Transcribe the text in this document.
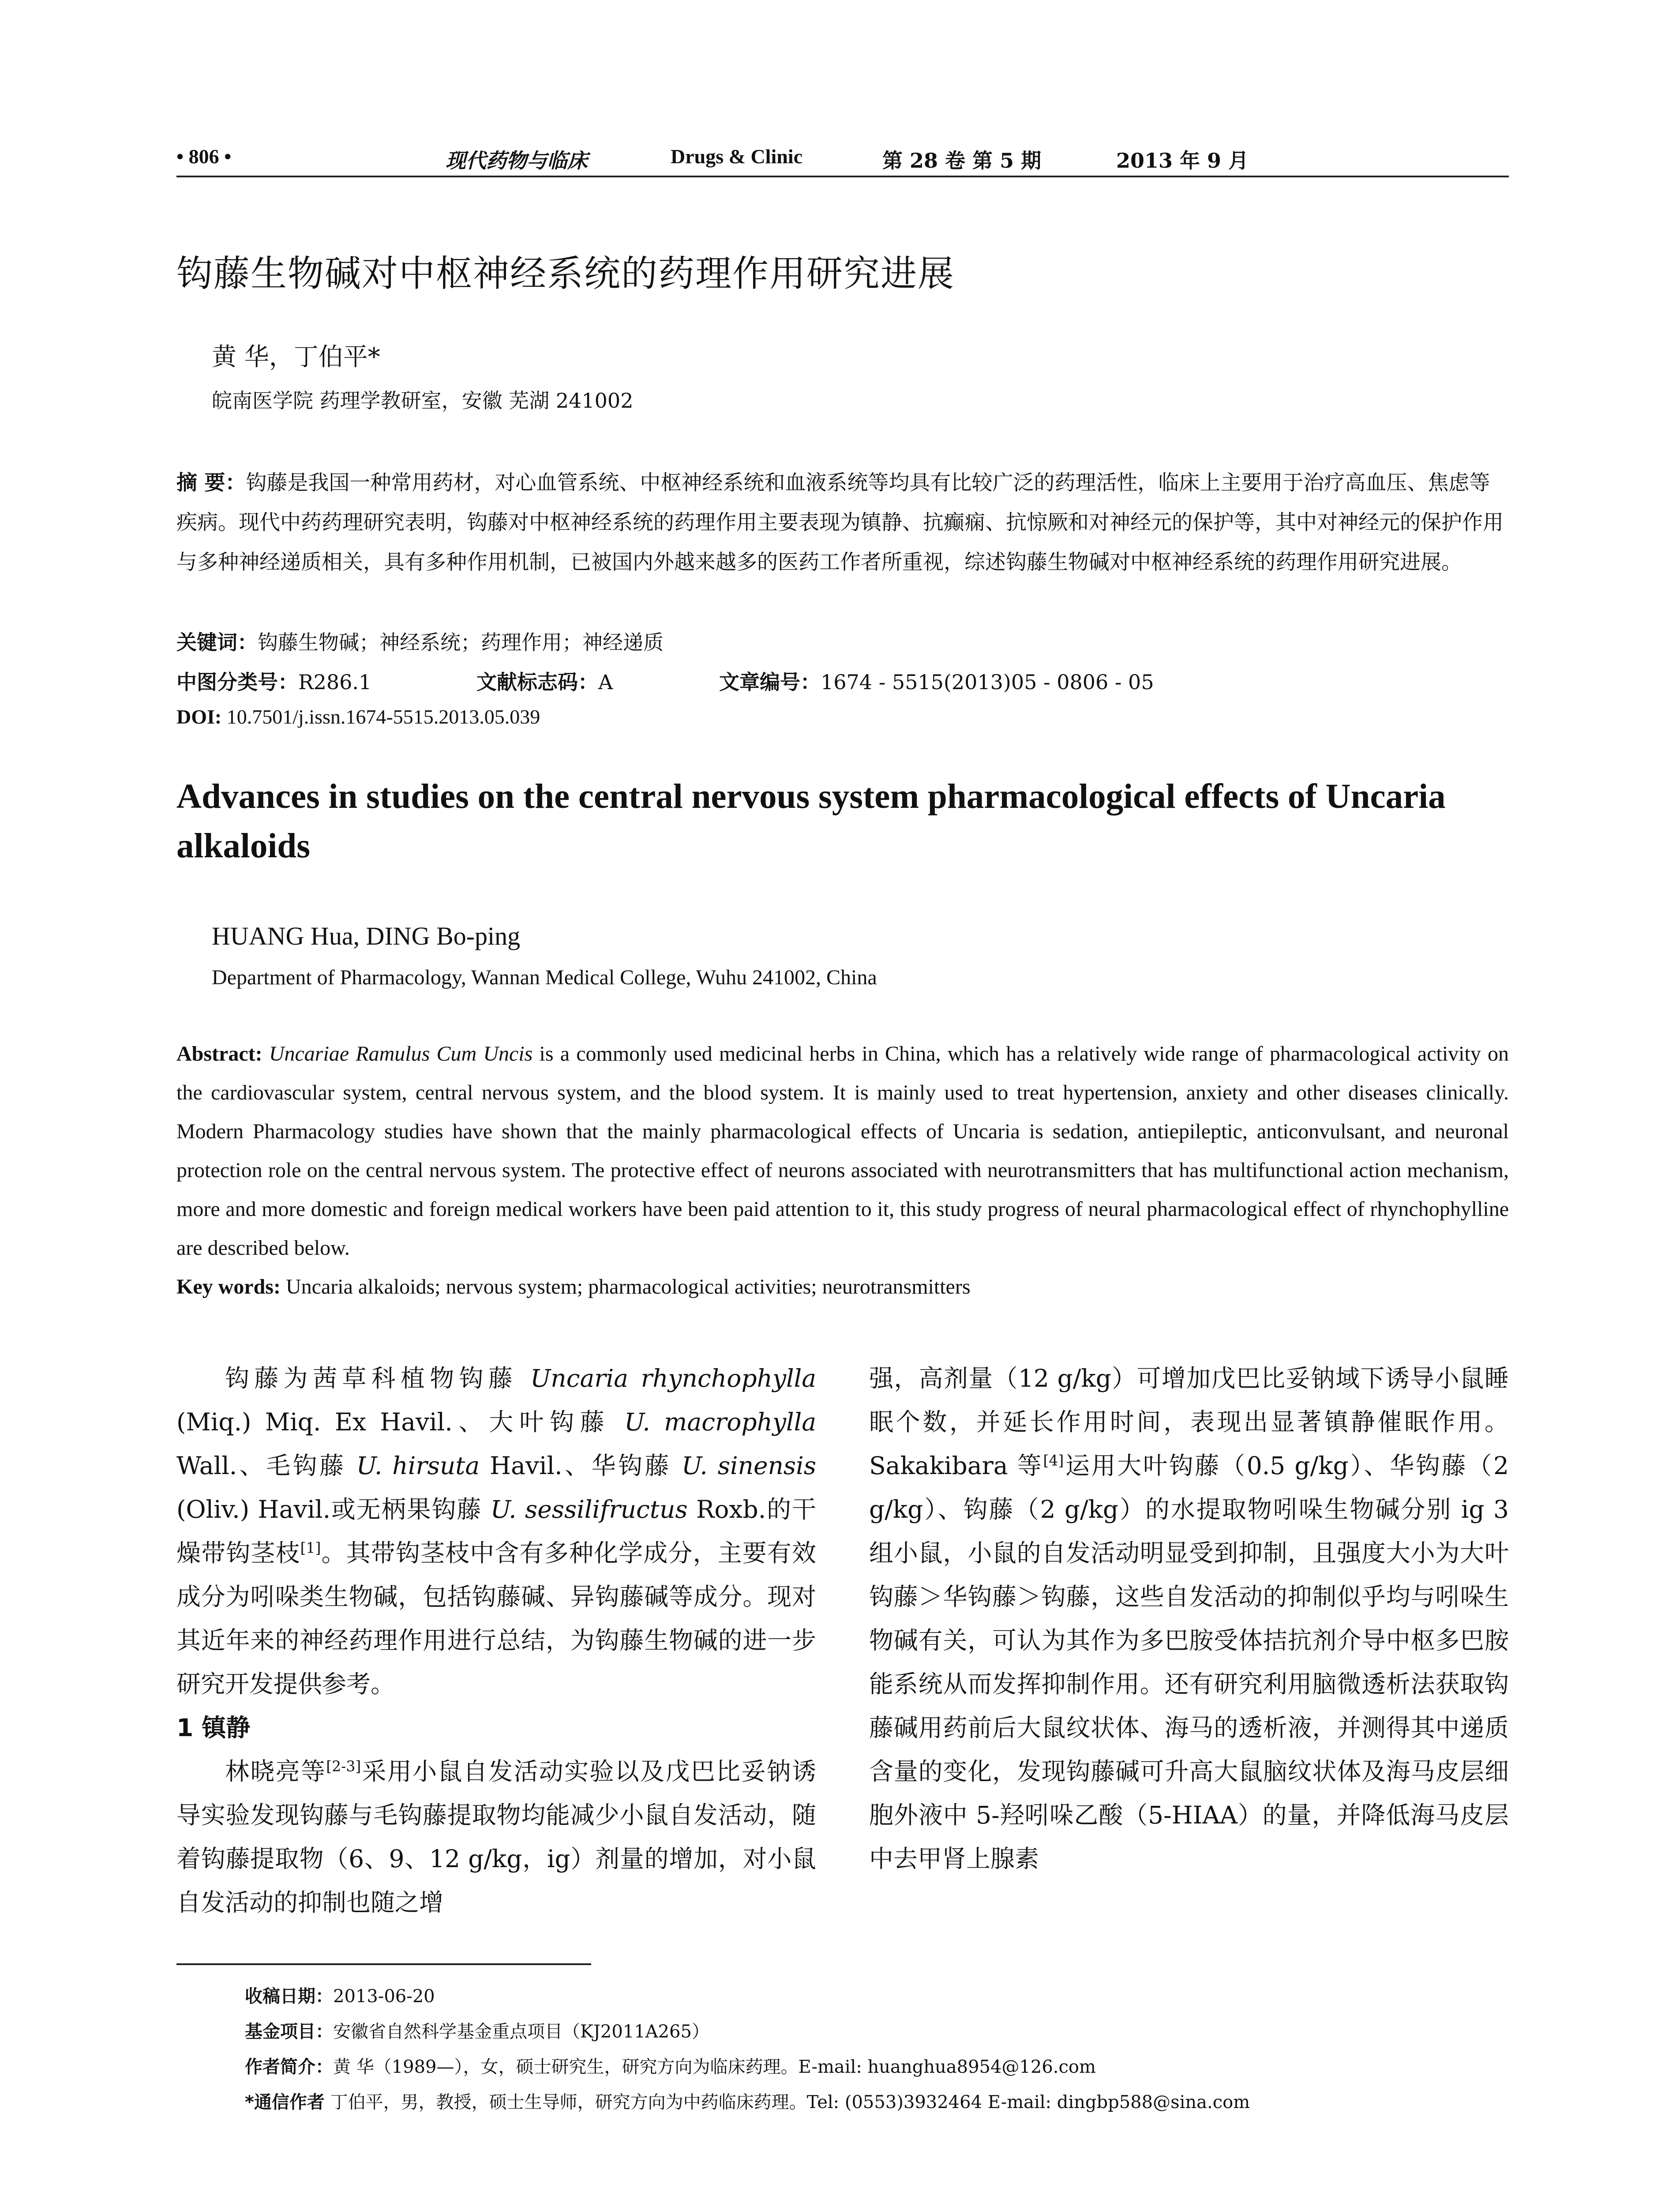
• 806 •	现代药物与临床	Drugs & Clinic	第 28 卷 第 5 期	2013 年 9 月
钩藤生物碱对中枢神经系统的药理作用研究进展
黄 华，丁伯平*
皖南医学院 药理学教研室，安徽 芜湖 241002
摘 要：钩藤是我国一种常用药材，对心血管系统、中枢神经系统和血液系统等均具有比较广泛的药理活性，临床上主要用于治疗高血压、焦虑等疾病。现代中药药理研究表明，钩藤对中枢神经系统的药理作用主要表现为镇静、抗癫痫、抗惊厥和对神经元的保护等，其中对神经元的保护作用与多种神经递质相关，具有多种作用机制，已被国内外越来越多的医药工作者所重视，综述钩藤生物碱对中枢神经系统的药理作用研究进展。
关键词：钩藤生物碱；神经系统；药理作用；神经递质
中图分类号：R286.1	文献标志码：A	文章编号：1674 - 5515(2013)05 - 0806 - 05
DOI: 10.7501/j.issn.1674-5515.2013.05.039
Advances in studies on the central nervous system pharmacological effects of Uncaria alkaloids
HUANG Hua, DING Bo-ping
Department of Pharmacology, Wannan Medical College, Wuhu 241002, China
Abstract: Uncariae Ramulus Cum Uncis is a commonly used medicinal herbs in China, which has a relatively wide range of pharmacological activity on the cardiovascular system, central nervous system, and the blood system. It is mainly used to treat hypertension, anxiety and other diseases clinically. Modern Pharmacology studies have shown that the mainly pharmacological effects of Uncaria is sedation, antiepileptic, anticonvulsant, and neuronal protection role on the central nervous system. The protective effect of neurons associated with neurotransmitters that has multifunctional action mechanism, more and more domestic and foreign medical workers have been paid attention to it, this study progress of neural pharmacological effect of rhynchophylline are described below.
Key words: Uncaria alkaloids; nervous system; pharmacological activities; neurotransmitters

钩藤为茜草科植物钩藤 Uncaria rhynchophylla (Miq.) Miq. Ex Havil.、大叶钩藤 U. macrophylla Wall.、毛钩藤 U. hirsuta Havil.、华钩藤 U. sinensis (Oliv.) Havil.或无柄果钩藤 U. sessilifructus Roxb.的干燥带钩茎枝[1]。其带钩茎枝中含有多种化学成分，主要有效成分为吲哚类生物碱，包括钩藤碱、异钩藤碱等成分。现对其近年来的神经药理作用进行总结，为钩藤生物碱的进一步研究开发提供参考。

1 镇静

林晓亮等[2-3]采用小鼠自发活动实验以及戊巴比妥钠诱导实验发现钩藤与毛钩藤提取物均能减少小鼠自发活动，随着钩藤提取物（6、9、12 g/kg，ig）剂量的增加，对小鼠自发活动的抑制也随之增

强，高剂量（12 g/kg）可增加戊巴比妥钠域下诱导小鼠睡眠个数，并延长作用时间，表现出显著镇静催眠作用。Sakakibara 等[4]运用大叶钩藤（0.5 g/kg）、华钩藤（2 g/kg）、钩藤（2 g/kg）的水提取物吲哚生物碱分别 ig 3 组小鼠，小鼠的自发活动明显受到抑制，且强度大小为大叶钩藤＞华钩藤＞钩藤，这些自发活动的抑制似乎均与吲哚生物碱有关，可认为其作为多巴胺受体拮抗剂介导中枢多巴胺能系统从而发挥抑制作用。还有研究利用脑微透析法获取钩藤碱用药前后大鼠纹状体、海马的透析液，并测得其中递质含量的变化，发现钩藤碱可升高大鼠脑纹状体及海马皮层细胞外液中 5-羟吲哚乙酸（5-HIAA）的量，并降低海马皮层中去甲肾上腺素

收稿日期：2013-06-20
基金项目：安徽省自然科学基金重点项目（KJ2011A265）
作者简介：黄 华（1989—），女，硕士研究生，研究方向为临床药理。E-mail: huanghua8954@126.com
*通信作者 丁伯平，男，教授，硕士生导师，研究方向为中药临床药理。Tel: (0553)3932464 E-mail: dingbp588@sina.com
